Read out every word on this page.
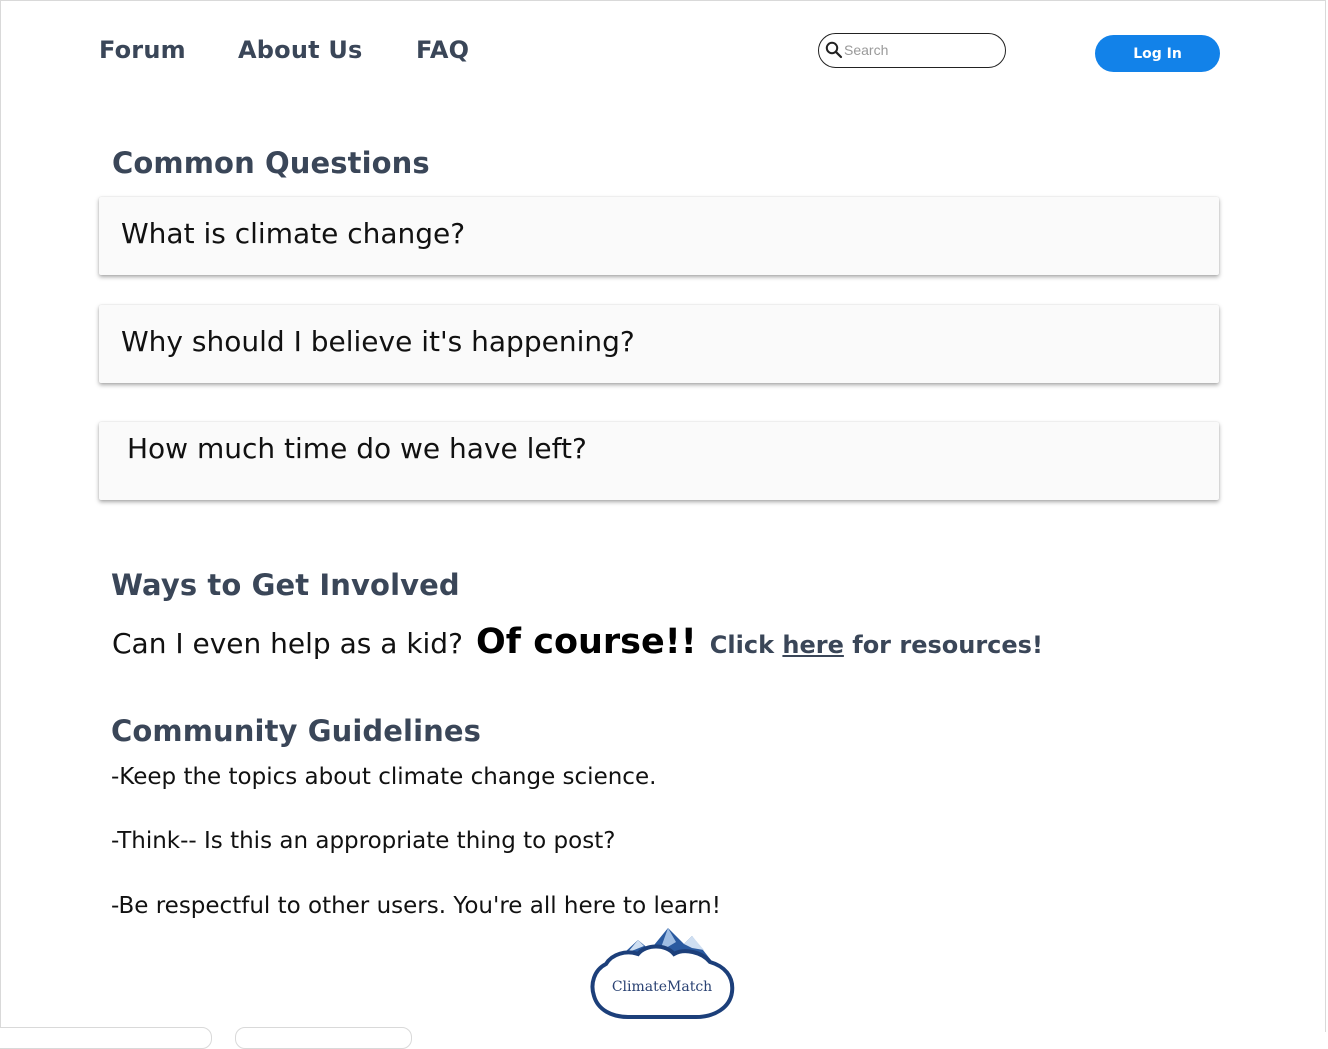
Forum About Us FAQ
Search	Log In
Common Questions
What is climate change?
Why should I believe it's happening?
How much time do we have left?
Ways to Get Involved
Can I even help as a kid? Of course!! Click here for resources!
Community Guidelines

-Keep the topics about climate change science.

-Think-- Is this an appropriate thing to post?

-Be respectful to other users. You're all here to learn!

ClimateMatch
